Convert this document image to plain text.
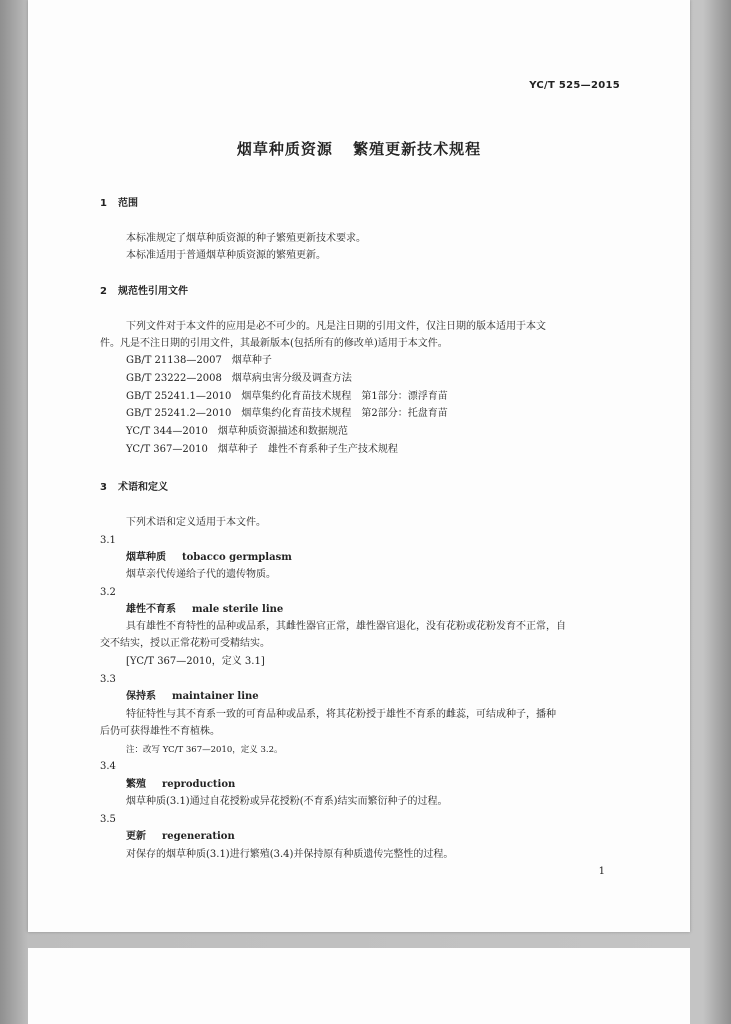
YC/T 525—2015
烟草种质资源 繁殖更新技术规程
1 范围
本标准规定了烟草种质资源的种子繁殖更新技术要求。
本标准适用于普通烟草种质资源的繁殖更新。
2 规范性引用文件
下列文件对于本文件的应用是必不可少的。凡是注日期的引用文件，仅注日期的版本适用于本文
件。凡是不注日期的引用文件，其最新版本(包括所有的修改单)适用于本文件。
GB/T 21138—2007　烟草种子
GB/T 23222—2008　烟草病虫害分级及调查方法
GB/T 25241.1—2010　烟草集约化育苗技术规程　第1部分：漂浮育苗
GB/T 25241.2—2010　烟草集约化育苗技术规程　第2部分：托盘育苗
YC/T 344—2010　烟草种质资源描述和数据规范
YC/T 367—2010　烟草种子　雄性不育系种子生产技术规程
3 术语和定义
下列术语和定义适用于本文件。
3.1
烟草种质 tobacco germplasm
烟草亲代传递给子代的遗传物质。
3.2
雄性不育系 male sterile line
具有雄性不育特性的品种或品系，其雌性器官正常，雄性器官退化，没有花粉或花粉发育不正常，自
交不结实，授以正常花粉可受精结实。
[YC/T 367—2010，定义 3.1]
3.3
保持系 maintainer line
特征特性与其不育系一致的可育品种或品系，将其花粉授于雄性不育系的雌蕊，可结成种子，播种
后仍可获得雄性不育植株。
注：改写 YC/T 367—2010，定义 3.2。
3.4
繁殖 reproduction
烟草种质(3.1)通过自花授粉或异花授粉(不育系)结实而繁衍种子的过程。
3.5
更新 regeneration
对保存的烟草种质(3.1)进行繁殖(3.4)并保持原有种质遗传完整性的过程。
1
